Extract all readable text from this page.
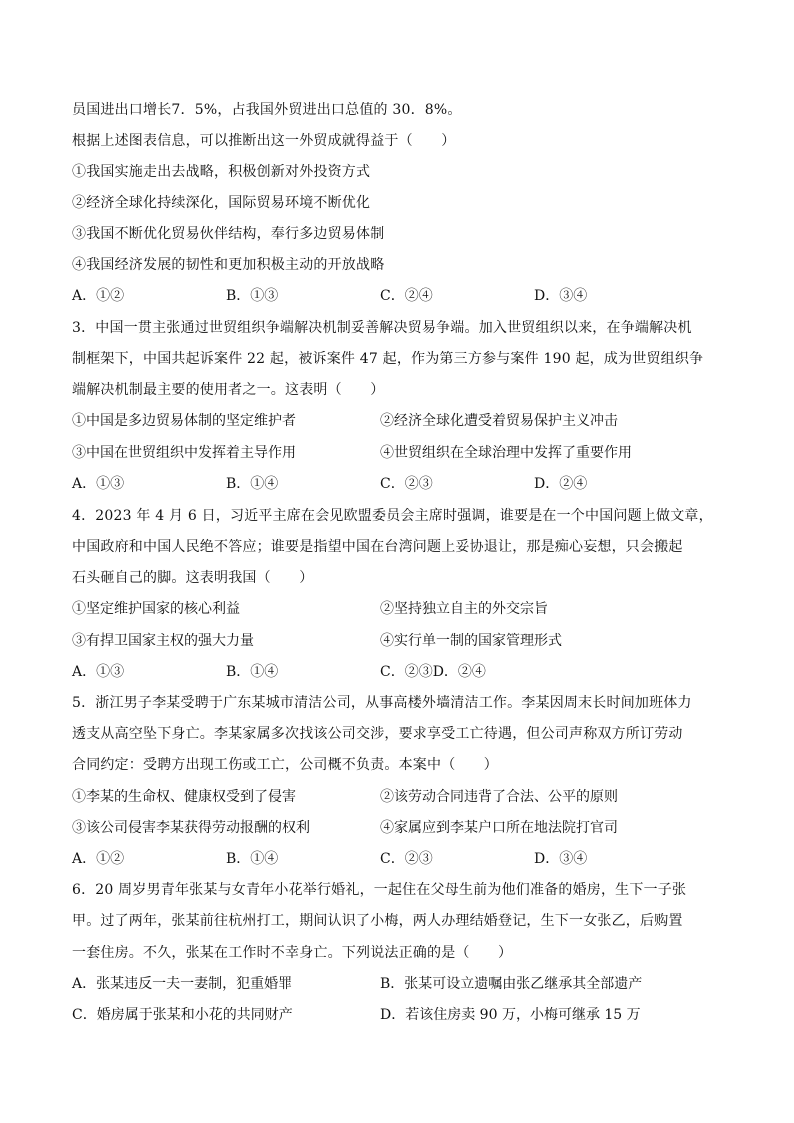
员国进出口增长7．5%，占我国外贸进出口总值的 30．8%。
根据上述图表信息，可以推断出这一外贸成就得益于（　　）
①我国实施走出去战略，积极创新对外投资方式
②经济全球化持续深化，国际贸易环境不断优化
③我国不断优化贸易伙伴结构，奉行多边贸易体制
④我国经济发展的韧性和更加积极主动的开放战略
A．①②	B．①③	C．②④	D．③④
3．中国一贯主张通过世贸组织争端解决机制妥善解决贸易争端。加入世贸组织以来，在争端解决机
制框架下，中国共起诉案件 22 起，被诉案件 47 起，作为第三方参与案件 190 起，成为世贸组织争
端解决机制最主要的使用者之一。这表明（　　）
①中国是多边贸易体制的坚定维护者	②经济全球化遭受着贸易保护主义冲击
③中国在世贸组织中发挥着主导作用	④世贸组织在全球治理中发挥了重要作用
A．①③	B．①④	C．②③	D．②④
4．2023 年 4 月 6 日，习近平主席在会见欧盟委员会主席时强调，谁要是在一个中国问题上做文章，
中国政府和中国人民绝不答应；谁要是指望中国在台湾问题上妥协退让，那是痴心妄想，只会搬起
石头砸自己的脚。这表明我国（　　）
①坚定维护国家的核心利益	②坚持独立自主的外交宗旨
③有捍卫国家主权的强大力量	④实行单一制的国家管理形式
A．①③	B．①④	C．②③D．②④
5．浙江男子李某受聘于广东某城市清洁公司，从事高楼外墙清洁工作。李某因周末长时间加班体力
透支从高空坠下身亡。李某家属多次找该公司交涉，要求享受工亡待遇，但公司声称双方所订劳动
合同约定：受聘方出现工伤或工亡，公司概不负责。本案中（　　）
①李某的生命权、健康权受到了侵害	②该劳动合同违背了合法、公平的原则
③该公司侵害李某获得劳动报酬的权利	④家属应到李某户口所在地法院打官司
A．①②	B．①④	C．②③	D．③④
6．20 周岁男青年张某与女青年小花举行婚礼，一起住在父母生前为他们准备的婚房，生下一子张
甲。过了两年，张某前往杭州打工，期间认识了小梅，两人办理结婚登记，生下一女张乙，后购置
一套住房。不久，张某在工作时不幸身亡。下列说法正确的是（　　）
A．张某违反一夫一妻制，犯重婚罪	B．张某可设立遗嘱由张乙继承其全部遗产
C．婚房属于张某和小花的共同财产	D．若该住房卖 90 万，小梅可继承 15 万
